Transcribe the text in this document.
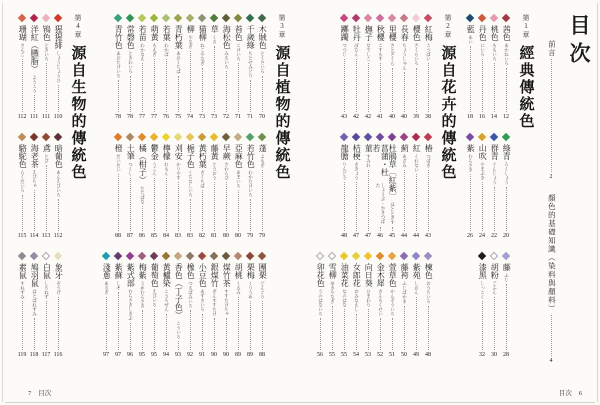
目次
前言
2
顏色的基礎知識（染料與顏料）
4
第1章
經典傳統色
茜色
あかねいろ
12
桃色
ももいろ
14
丹色
にいろ
16
藍
あい
18
綠青
ろくしょう
20
群青
ぐんじょう
22
山吹
やまぶき
24
紫
むらさき
26
藤
ふじ
28
胡粉
ごふん
30
漆黑
しっこく
32
第2章
源自花卉的傳統色
紅梅
こうばい
38
櫻色
さくらいろ
39
長春
ちょうしゅん
40
里櫻
さとざくら
40
秋櫻
こすもす
41
撫子
なでしこ
42
牡丹
ぼたん
42
躑躅
つつじ
43
椿
つばき
43
紅
くれない
44
薊
あざみ
44
杜鵑草〔紅紫〕
ほととぎす
45
菖蒲・杜若
しょうぶ・かきつばた
46
菫
すみれ
47
桔梗
ききょう
47
龍膽
りんどう
48
楝色
おうちいろ
48
紫苑
しおん
49
藤袴
ふじばかま
50
萱草色
かんぞういろ
51
金木犀
きんもくせい
52
向日葵
ひまわり
53
女郎花
おみなえし
54
油菜花
なのはな
55
雪柳
ゆきやなぎ
55
卯花色
うのはないろ
56
目次 6
第3章
源自植物的傳統色
木賊色
とくさいろ
70
千歲綠
ちとせみどり
71
苔色
こけいろ
71
海松色
みるいろ
72
草
くさ
73
猫柳
ねこやなぎ
73
柳
やなぎ
74
青朽葉
あおくちば
75
若葉
わかば
76
萌黃
もえぎ
77
若苗
わかなえ
77
常磐色
ときわいろ
78
青竹色
あおたけいろ
78
蓬
よもぎ
79
若竹色
わかたけいろ
79
亞麻色
あまいろ
80
早蕨
さわらび
80
藤黃
とうおう
81
黃朽葉
きくちば
82
梔子色
くちなしいろ
83
刈安
かりやす
83
檸檬
れもん
84
鬱金
うこん
85
橘（柑子）
たちばな
86
土筆
つくし
87
橙
だいだい
88
團栗
どんぐり
88
栗梅
くりうめ
89
胡桃
くるみ
89
煤竹茶
すすたけちゃ
90
銀煤竹
ぎんすすたけ
90
小豆色
あずきいろ
91
橡色
つるばみいろ
92
香色（丁子色）
こういろ
93
黃櫨染
こうろぜん
94
葡萄色
えびいろ
95
梅紫
うめむらさき
95
紫式部
むらさきしきぶ
96
紫蘇
しそ
97
淺蔥
あさぎ
97
第4章
源自生物的傳統色
猩猩緋
しょうじょうひ
110
鴇色
ときいろ
111
洋紅（臙脂）
ようこう
111
珊瑚
さんご
112
暗葡色
あんえびいろ
112
鳶
とび
113
海老茶
えびちゃ
114
駱駝色
らくだいろ
115
象牙
ぞうげ
116
白鼠
しろねず
117
鳩羽鼠
はとばねずみ
118
素鼠
すねずみ
119
7 目次
